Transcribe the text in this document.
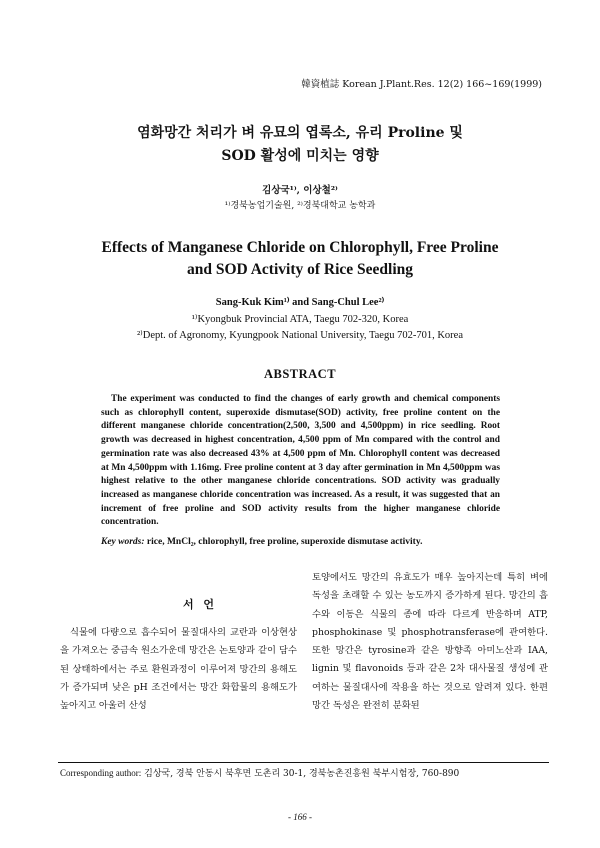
韓資植誌 Korean J.Plant.Res. 12(2) 166~169(1999)
염화망간 처리가 벼 유묘의 엽록소, 유리 Proline 및
SOD 활성에 미치는 영향
김상국¹⁾, 이상철²⁾
¹⁾경북농업기술원, ²⁾경북대학교 농학과
Effects of Manganese Chloride on Chlorophyll, Free Proline
and SOD Activity of Rice Seedling
Sang-Kuk Kim¹⁾ and Sang-Chul Lee²⁾
¹⁾Kyongbuk Provincial ATA, Taegu 702-320, Korea
²⁾Dept. of Agronomy, Kyungpook National University, Taegu 702-701, Korea
ABSTRACT

The experiment was conducted to find the changes of early growth and chemical components such as chlorophyll content, superoxide dismutase(SOD) activity, free proline content on the different manganese chloride concentration(2,500, 3,500 and 4,500ppm) in rice seedling. Root growth was decreased in highest concentration, 4,500 ppm of Mn compared with the control and germination rate was also decreased 43% at 4,500 ppm of Mn. Chlorophyll content was decreased at Mn 4,500ppm with 1.16mg. Free proline content at 3 day after germination in Mn 4,500ppm was highest relative to the other manganese chloride concentrations. SOD activity was gradually increased as manganese chloride concentration was increased. As a result, it was suggested that an increment of free proline and SOD activity results from the higher manganese chloride concentration.

Key words: rice, MnCl₂, chlorophyll, free proline, superoxide dismutase activity.
서 언

식물에 다량으로 흡수되어 물질대사의 교란과 이상현상을 가져오는 중금속 원소가운데 망간은 논토양과 같이 담수된 상태하에서는 주로 환원과정이 이루어져 망간의 용해도가 증가되며 낮은 pH 조건에서는 망간 화합물의 용해도가 높아지고 아울러 산성

토양에서도 망간의 유효도가 매우 높아지는데 특히 벼에 독성을 초래할 수 있는 농도까지 증가하게 된다. 망간의 흡수와 이동은 식물의 종에 따라 다르게 반응하며 ATP, phosphokinase 및 phosphotransferase에 관여한다. 또한 망간은 tyrosine과 같은 방향족 아미노산과 IAA, lignin 및 flavonoids 등과 같은 2차 대사물질 생성에 관여하는 물질대사에 작용을 하는 것으로 알려져 있다. 한편 망간 독성은 완전히 분화된

Corresponding author: 김상국, 경북 안동시 북후면 도촌리 30-1, 경북농촌진흥원 북부시험장, 760-890
- 166 -
